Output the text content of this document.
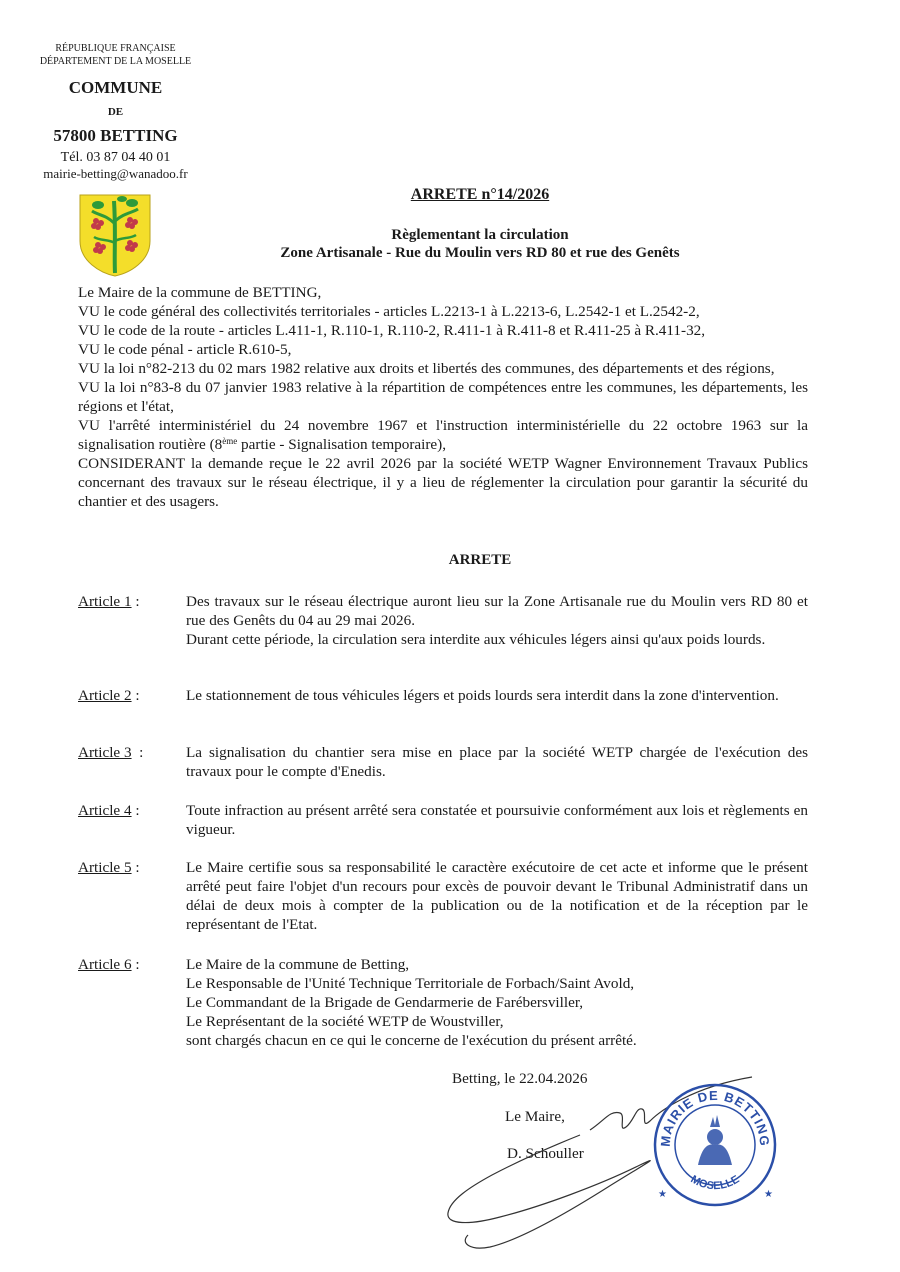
RÉPUBLIQUE FRANÇAISE
DÉPARTEMENT DE LA MOSELLE
COMMUNE
DE
57800 BETTING
Tél. 03 87 04 40 01
mairie-betting@wanadoo.fr
ARRETE n°14/2026
Règlementant la circulation
Zone Artisanale - Rue du Moulin vers RD 80 et rue des Genêts

Le Maire de la commune de BETTING,

VU le code général des collectivités territoriales - articles L.2213-1 à L.2213-6, L.2542-1 et L.2542-2,

VU le code de la route - articles L.411-1, R.110-1, R.110-2, R.411-1 à R.411-8 et R.411-25 à R.411-32,

VU le code pénal - article R.610-5,

VU la loi n°82-213 du 02 mars 1982 relative aux droits et libertés des communes, des départements et des régions,

VU la loi n°83-8 du 07 janvier 1983 relative à la répartition de compétences entre les communes, les départements, les régions et l'état,

VU l'arrêté interministériel du 24 novembre 1967 et l'instruction interministérielle du 22 octobre 1963 sur la signalisation routière (8ème partie - Signalisation temporaire),

CONSIDERANT la demande reçue le 22 avril 2026 par la société WETP Wagner Environnement Travaux Publics concernant des travaux sur le réseau électrique, il y a lieu de réglementer la circulation pour garantir la sécurité du chantier et des usagers.

ARRETE
Article 1 :	Des travaux sur le réseau électrique auront lieu sur la Zone Artisanale rue du Moulin vers RD 80 et rue des Genêts du 04 au 29 mai 2026.

Durant cette période, la circulation sera interdite aux véhicules légers ainsi qu'aux poids lourds.

Article 2 :	Le stationnement de tous véhicules légers et poids lourds sera interdit dans la zone d'intervention.

Article 3  :	La signalisation du chantier sera mise en place par la société WETP chargée de l'exécution des travaux pour le compte d'Enedis.

Article 4 :	Toute infraction au présent arrêté sera constatée et poursuivie conformément aux lois et règlements en vigueur.

Article 5 :	Le Maire certifie sous sa responsabilité le caractère exécutoire de cet acte et informe que le présent arrêté peut faire l'objet d'un recours pour excès de pouvoir devant le Tribunal Administratif dans un délai de deux mois à compter de la publication ou de la notification et de la réception par le représentant de l'Etat.

Article 6 :	Le Maire de la commune de Betting,

Le Responsable de l'Unité Technique Territoriale de Forbach/Saint Avold,

Le Commandant de la Brigade de Gendarmerie de Farébersviller,

Le Représentant de la société WETP de Woustviller,

sont chargés chacun en ce qui le concerne de l'exécution du présent arrêté.

Betting, le 22.04.2026
Le Maire,
D. Schouller
MAIRIE DE BETTING
MOSELLE
★	★
